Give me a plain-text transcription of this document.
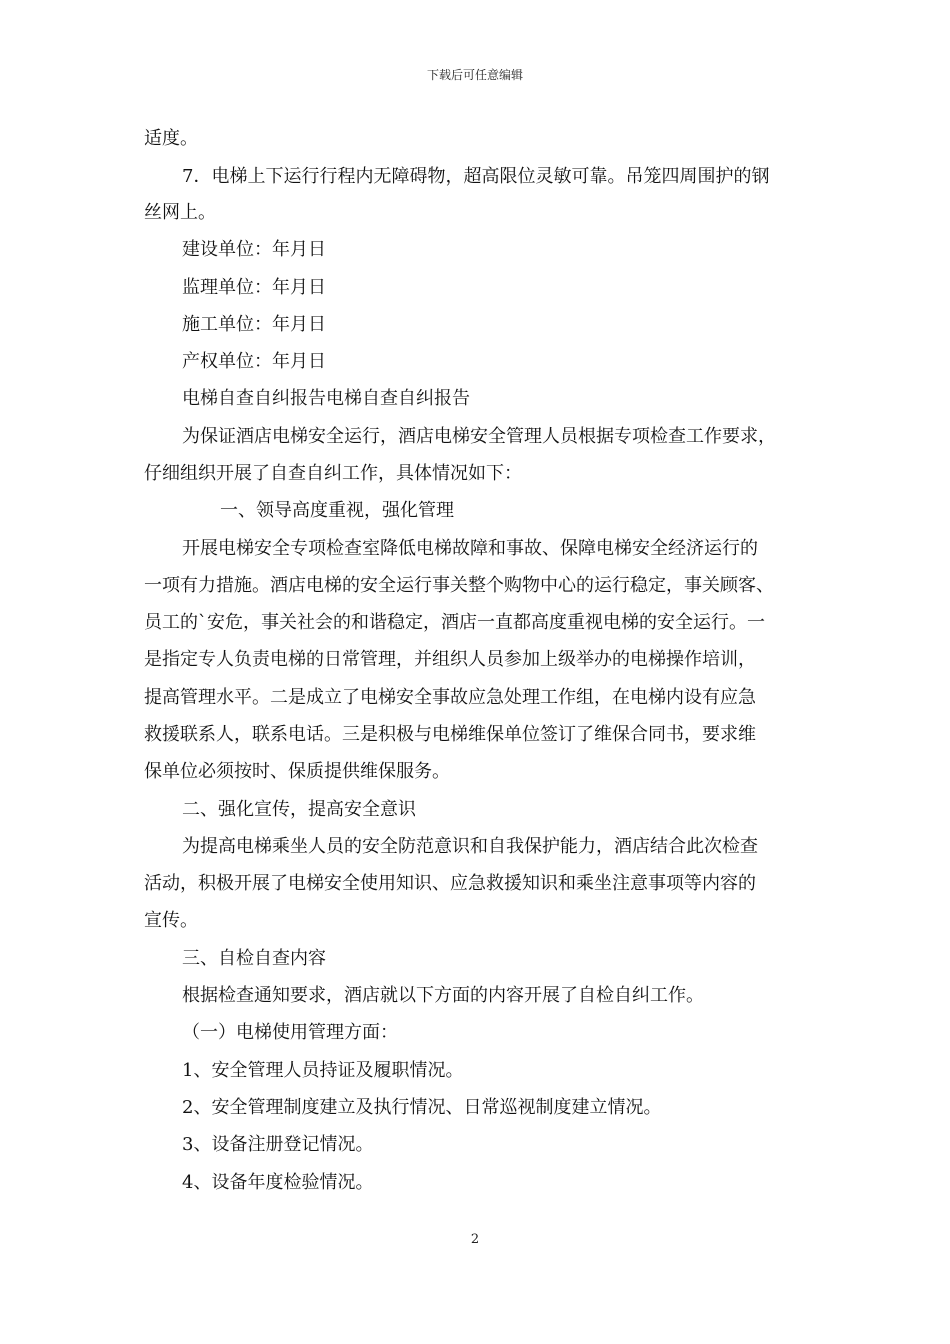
下载后可任意编辑
适度。
7．电梯上下运行行程内无障碍物，超高限位灵敏可靠。吊笼四周围护的钢
丝网上。
建设单位：年月日
监理单位：年月日
施工单位：年月日
产权单位：年月日
电梯自查自纠报告电梯自查自纠报告
为保证酒店电梯安全运行，酒店电梯安全管理人员根据专项检查工作要求，
仔细组织开展了自查自纠工作，具体情况如下：
一、领导高度重视，强化管理
开展电梯安全专项检查室降低电梯故障和事故、保障电梯安全经济运行的
一项有力措施。酒店电梯的安全运行事关整个购物中心的运行稳定，事关顾客、
员工的`安危，事关社会的和谐稳定，酒店一直都高度重视电梯的安全运行。一
是指定专人负责电梯的日常管理，并组织人员参加上级举办的电梯操作培训，
提高管理水平。二是成立了电梯安全事故应急处理工作组，在电梯内设有应急
救援联系人，联系电话。三是积极与电梯维保单位签订了维保合同书，要求维
保单位必须按时、保质提供维保服务。
二、强化宣传，提高安全意识
为提高电梯乘坐人员的安全防范意识和自我保护能力，酒店结合此次检查
活动，积极开展了电梯安全使用知识、应急救援知识和乘坐注意事项等内容的
宣传。
三、自检自查内容
根据检查通知要求，酒店就以下方面的内容开展了自检自纠工作。
（一）电梯使用管理方面：
1、安全管理人员持证及履职情况。
2、安全管理制度建立及执行情况、日常巡视制度建立情况。
3、设备注册登记情况。
4、设备年度检验情况。
2
